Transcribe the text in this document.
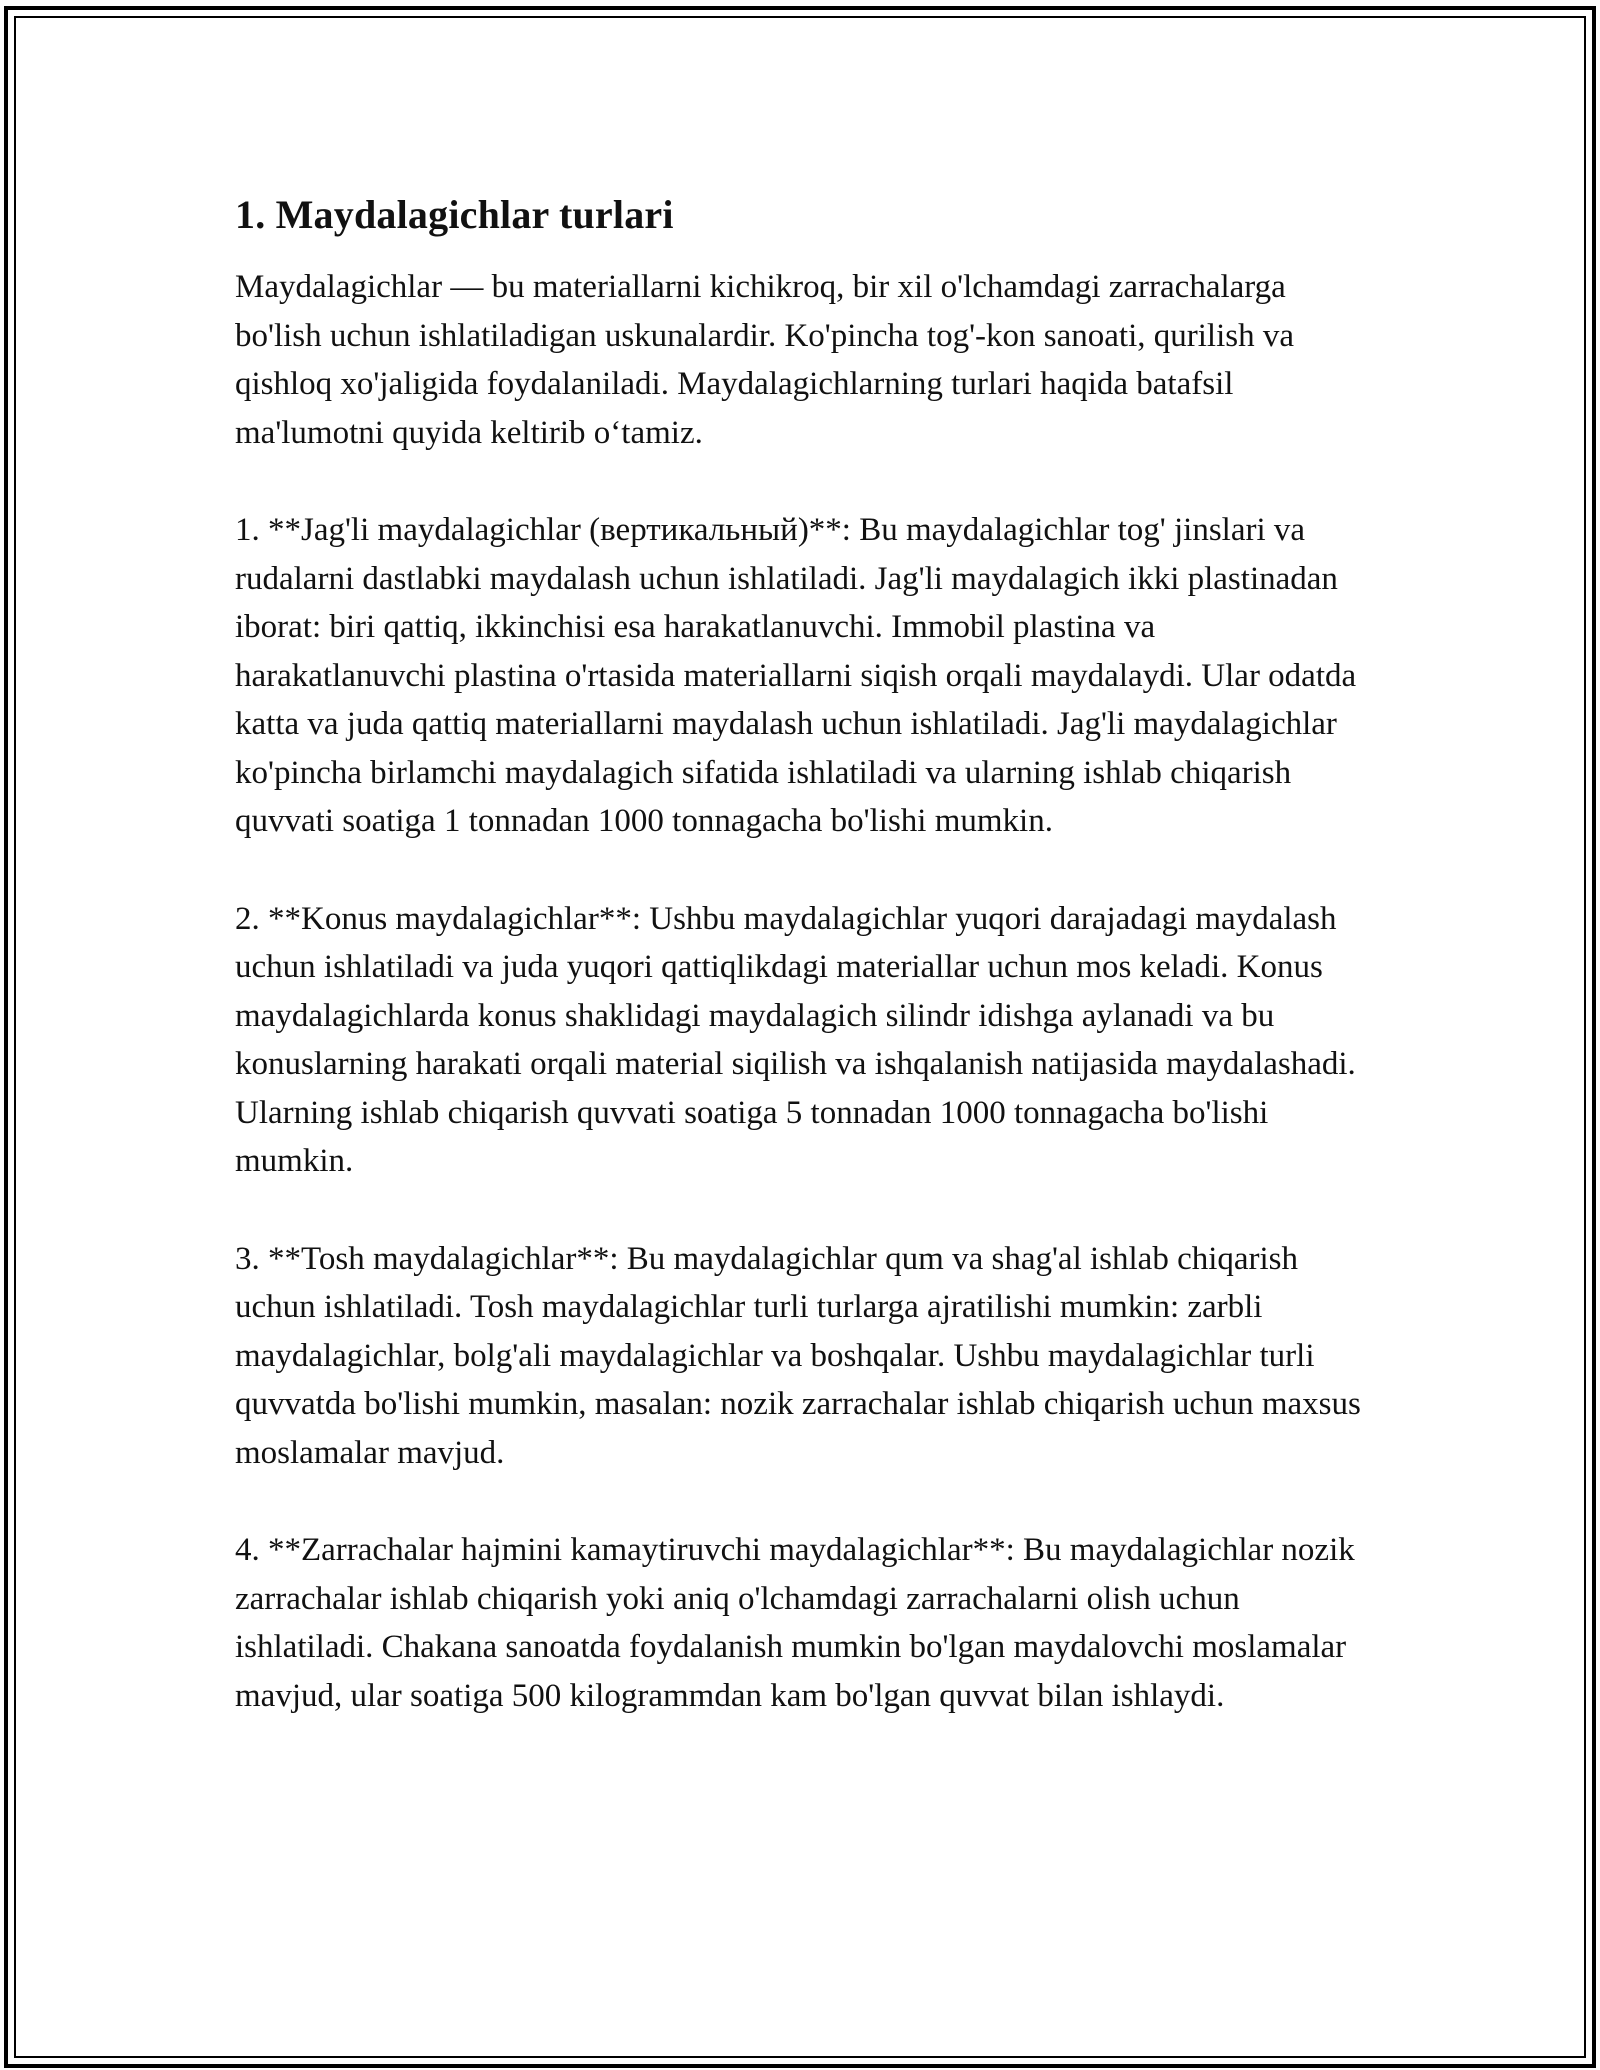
1. Maydalagichlar turlari

Maydalagichlar — bu materiallarni kichikroq, bir xil o'lchamdagi zarrachalarga bo'lish uchun ishlatiladigan uskunalardir. Ko'pincha tog'-kon sanoati, qurilish va qishloq xo'jaligida foydalaniladi. Maydalagichlarning turlari haqida batafsil ma'lumotni quyida keltirib o‘tamiz.

1. **Jag'li maydalagichlar (вертикальный)**: Bu maydalagichlar tog' jinslari va rudalarni dastlabki maydalash uchun ishlatiladi. Jag'li maydalagich ikki plastinadan iborat: biri qattiq, ikkinchisi esa harakatlanuvchi. Immobil plastina va harakatlanuvchi plastina o'rtasida materiallarni siqish orqali maydalaydi. Ular odatda katta va juda qattiq materiallarni maydalash uchun ishlatiladi. Jag'li maydalagichlar ko'pincha birlamchi maydalagich sifatida ishlatiladi va ularning ishlab chiqarish quvvati soatiga 1 tonnadan 1000 tonnagacha bo'lishi mumkin.

2. **Konus maydalagichlar**: Ushbu maydalagichlar yuqori darajadagi maydalash uchun ishlatiladi va juda yuqori qattiqlikdagi materiallar uchun mos keladi. Konus maydalagichlarda konus shaklidagi maydalagich silindr idishga aylanadi va bu konuslarning harakati orqali material siqilish va ishqalanish natijasida maydalashadi. Ularning ishlab chiqarish quvvati soatiga 5 tonnadan 1000 tonnagacha bo'lishi mumkin.

3. **Tosh maydalagichlar**: Bu maydalagichlar qum va shag'al ishlab chiqarish uchun ishlatiladi. Tosh maydalagichlar turli turlarga ajratilishi mumkin: zarbli maydalagichlar, bolg'ali maydalagichlar va boshqalar. Ushbu maydalagichlar turli quvvatda bo'lishi mumkin, masalan: nozik zarrachalar ishlab chiqarish uchun maxsus moslamalar mavjud.

4. **Zarrachalar hajmini kamaytiruvchi maydalagichlar**: Bu maydalagichlar nozik zarrachalar ishlab chiqarish yoki aniq o'lchamdagi zarrachalarni olish uchun ishlatiladi. Chakana sanoatda foydalanish mumkin bo'lgan maydalovchi moslamalar mavjud, ular soatiga 500 kilogrammdan kam bo'lgan quvvat bilan ishlaydi.
